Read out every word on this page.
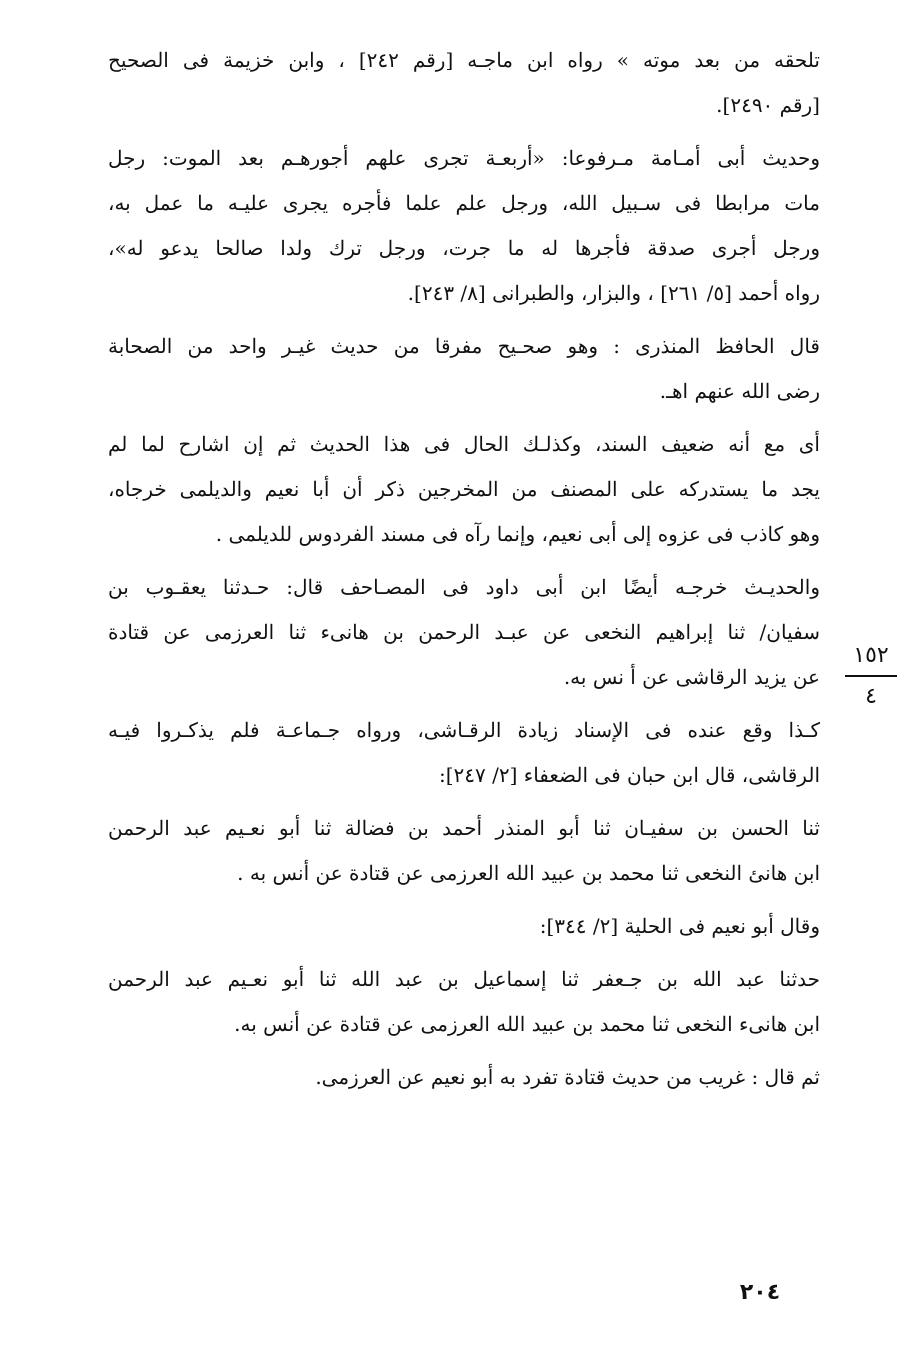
تلحقه من بعد موته » رواه ابن ماجـه [رقم ٢٤٢] ، وابن خزيمة فى الصحيح
[رقم ٢٤٩٠].

وحديث أبى أمـامة مـرفوعا: «أربعـة تجرى علهم أجورهـم بعد الموت: رجل
مات مرابطا فى سـبيل الله، ورجل علم علما فأجره يجرى عليـه ما عمل به،
ورجل أجرى صدقة فأجرها له ما جرت، ورجل ترك ولدا صالحا يدعو له»،
رواه أحمد [٥/ ٢٦١] ، والبزار، والطبرانى [٨/ ٢٤٣].

قال الحافظ المنذرى : وهو صحـيح مفرقا من حديث غيـر واحد من الصحابة
رضى الله عنهم اهـ.

أى مع أنه ضعيف السند، وكذلـك الحال فى هذا الحديث ثم إن اشارح لما لم
يجد ما يستدركه على المصنف من المخرجين ذكر أن أبا نعيم والديلمى خرجاه،
وهو كاذب فى عزوه إلى أبى نعيم، وإنما رآه فى مسند الفردوس للديلمى .

والحديـث خرجـه أيضًا ابن أبى داود فى المصـاحف قال: حـدثنا يعقـوب بن
سفيان/ ثنا إبراهيم النخعى عن عبـد الرحمن بن هانىء ثنا العرزمى عن قتادة
عن يزيد الرقاشى عن أ نس به.

كـذا وقع عنده فى الإسناد زيادة الرقـاشى، ورواه جـماعـة فلم يذكـروا فيـه
الرقاشى، قال ابن حبان فى الضعفاء [٢/ ٢٤٧]:

ثنا الحسن بن سفيـان ثنا أبو المنذر أحمد بن فضالة ثنا أبو نعـيم عبد الرحمن
ابن هانئ النخعى ثنا محمد بن عبيد الله العرزمى عن قتادة عن أنس به .

وقال أبو نعيم فى الحلية [٢/ ٣٤٤]:

حدثنا عبد الله بن جـعفر ثنا إسماعيل بن عبد الله ثنا أبو نعـيم عبد الرحمن
ابن هانىء النخعى ثنا محمد بن عبيد الله العرزمى عن قتادة عن أنس به.

ثم قال : غريب من حديث قتادة تفرد به أبو نعيم عن العرزمى.

١٥٢
٤
٢٠٤
